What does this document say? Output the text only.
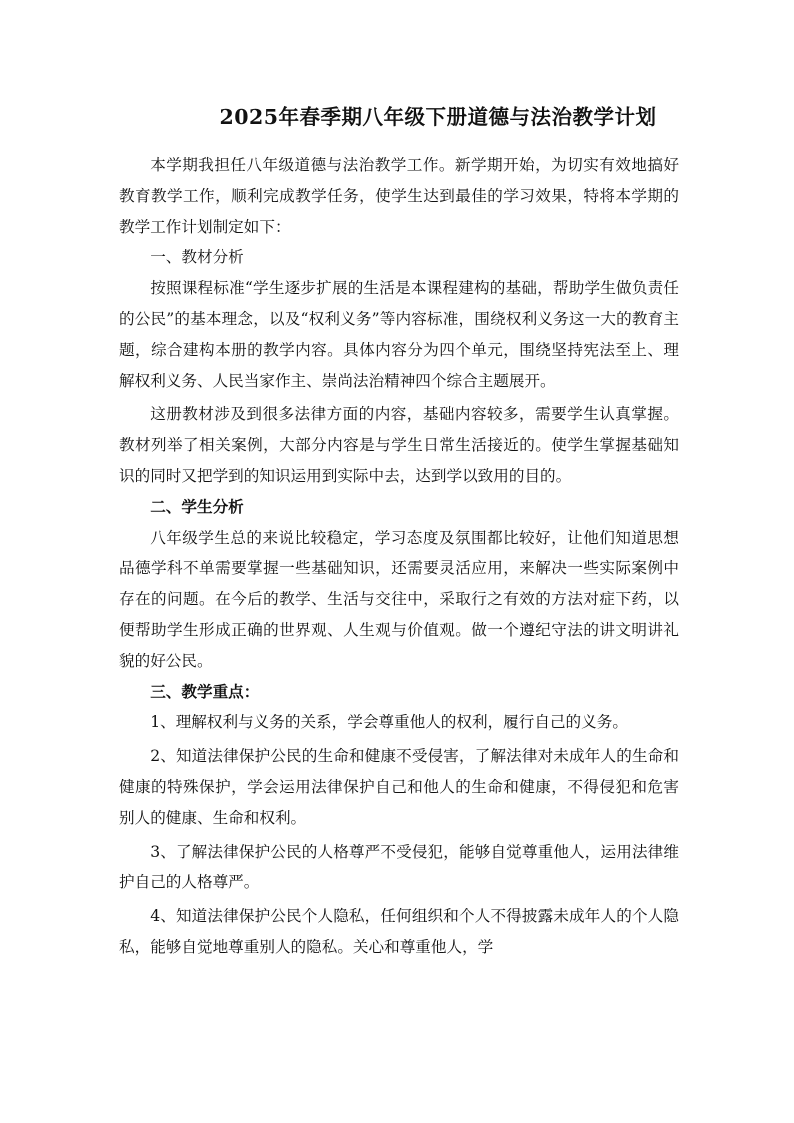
2025年春季期八年级下册道德与法治教学计划

本学期我担任八年级道德与法治教学工作。新学期开始，为切实有效地搞好教育教学工作，顺利完成教学任务，使学生达到最佳的学习效果，特将本学期的教学工作计划制定如下：

一、教材分析

按照课程标准“学生逐步扩展的生活是本课程建构的基础，帮助学生做负责任的公民”的基本理念，以及“权利义务”等内容标准，围绕权利义务这一大的教育主题，综合建构本册的教学内容。具体内容分为四个单元，围绕坚持宪法至上、理解权利义务、人民当家作主、崇尚法治精神四个综合主题展开。

这册教材涉及到很多法律方面的内容，基础内容较多，需要学生认真掌握。教材列举了相关案例，大部分内容是与学生日常生活接近的。使学生掌握基础知识的同时又把学到的知识运用到实际中去，达到学以致用的目的。

二、学生分析

八年级学生总的来说比较稳定，学习态度及氛围都比较好，让他们知道思想品德学科不单需要掌握一些基础知识，还需要灵活应用，来解决一些实际案例中存在的问题。在今后的教学、生活与交往中，采取行之有效的方法对症下药，以便帮助学生形成正确的世界观、人生观与价值观。做一个遵纪守法的讲文明讲礼貌的好公民。

三、教学重点：

1、理解权利与义务的关系，学会尊重他人的权利，履行自己的义务。

2、知道法律保护公民的生命和健康不受侵害，了解法律对未成年人的生命和健康的特殊保护，学会运用法律保护自己和他人的生命和健康，不得侵犯和危害别人的健康、生命和权利。

3、了解法律保护公民的人格尊严不受侵犯，能够自觉尊重他人，运用法律维护自己的人格尊严。

4、知道法律保护公民个人隐私，任何组织和个人不得披露未成年人的个人隐私，能够自觉地尊重别人的隐私。关心和尊重他人，学
